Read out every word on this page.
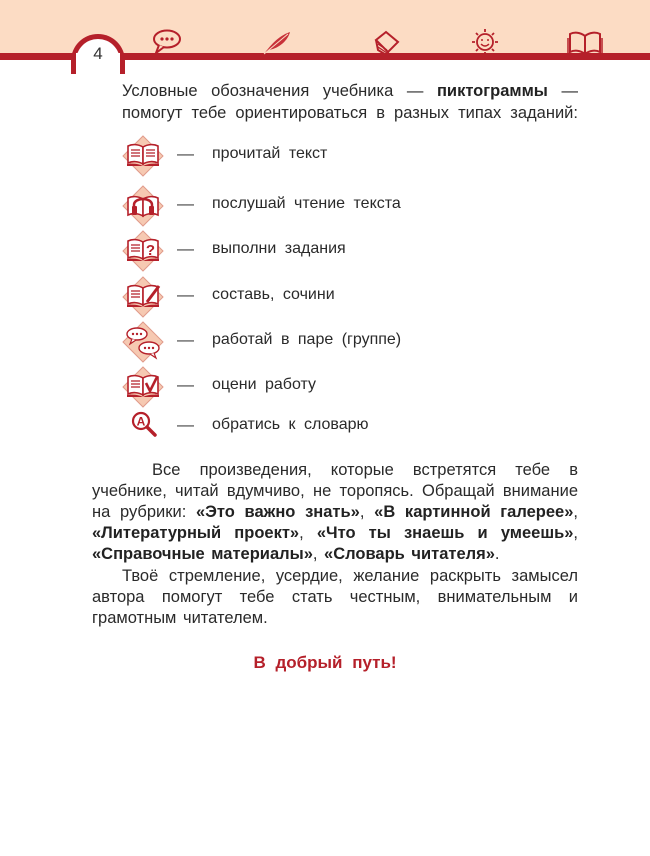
4
Условные обозначения учебника — пиктограммы — помогут тебе ориентироваться в разных типах заданий:
— прочитай текст
— послушай чтение текста
? — выполни задания
— составь, сочини
— работай в паре (группе)
— оцени работу
A — обратись к словарю
Все произведения, которые встретятся тебе в учебнике, читай вдумчиво, не торопясь. Обращай внимание на рубрики: «Это важно знать», «В картинной галерее», «Литературный проект», «Что ты знаешь и умеешь», «Справочные материалы», «Словарь читателя».
Твоё стремление, усердие, желание раскрыть замысел автора помогут тебе стать честным, внимательным и грамотным читателем.
В добрый путь!
